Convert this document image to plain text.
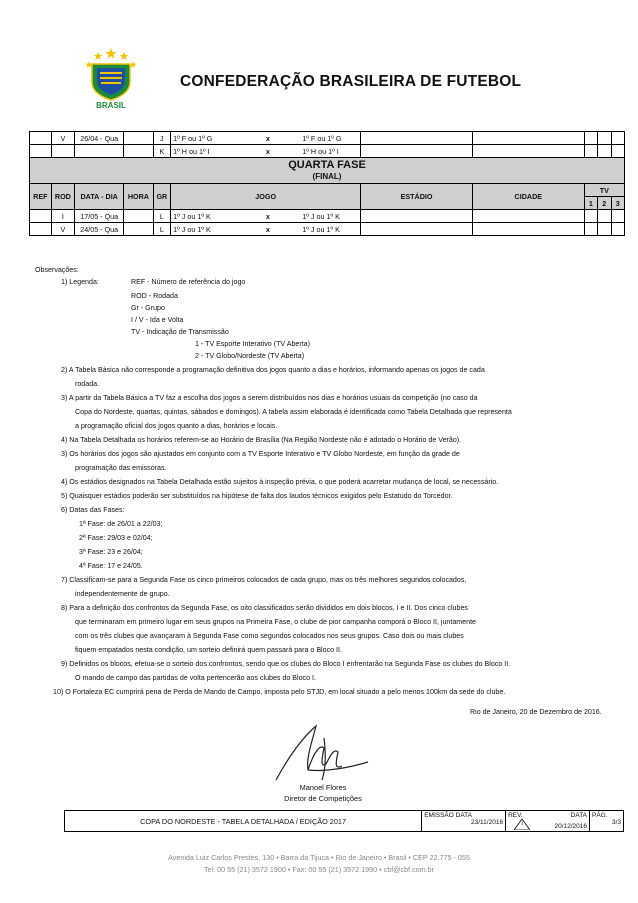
BRASIL
CONFEDERAÇÃO BRASILEIRA DE FUTEBOL
	V	26/04 - Qua		J	1º F ou 1º G	x	1º F ou 1º G					
				K	1º H ou 1º I	x	1º H ou 1º I					

QUARTA FASE
(FINAL)												

REF	ROD	DATA - DIA	HORA	GR	JOGO			ESTÁDIO	CIDADE	TV		
										1	2	3
	I	17/05 - Qua		L	1º J ou 1º K	x	1º J ou 1º K					
	V	24/05 - Qua		L	1º J ou 1º K	x	1º J ou 1º K					
Observações:
1) Legenda:	REF - Número de referência do jogo
ROD - Rodada
Gr - Grupo
I / V - Ida e Volta
TV - Indicação de Transmissão
1 - TV Esporte Interativo (TV Aberta)
2 - TV Globo/Nordeste (TV Aberta)
2) A Tabela Básica não corresponde a programação definitiva dos jogos quanto a dias e horários, informando apenas os jogos de cada
rodada.
3) A partir da Tabela Básica a TV faz a escolha dos jogos a serem distribuídos nos dias e horários usuais da competição (no caso da
Copa do Nordeste, quartas, quintas, sábados e domingos). A tabela assim elaborada é identificada como Tabela Detalhada que representa
a programação oficial dos jogos quanto a dias, horários e locais.
4) Na Tabela Detalhada os horários referem-se ao Horário de Brasília (Na Região Nordeste não é adotado o Horário de Verão).
3) Os horários dos jogos são ajustados em conjunto com a TV Esporte Interativo e TV Globo Nordeste, em função da grade de
programação das emissoras.
4) Os estádios designados na Tabela Detalhada estão sujeitos à inspeção prévia, o que poderá acarretar mudança de local, se necessário.
5) Quaisquer estádios poderão ser substituídos na hipótese de falta dos laudos técnicos exigidos pelo Estatudo do Torcedor.
6) Datas das Fases:
1ª Fase: de 26/01 a 22/03;
2ª Fase: 29/03 e 02/04;
3ª Fase: 23 e 26/04;
4ª Fase: 17 e 24/05.
7) Classificam-se para a Segunda Fase os cinco primeiros colocados de cada grupo, mas os três melhores segundos colocados,
independentemente de grupo.
8) Para a definição dos confrontos da Segunda Fase, os oito classificados serão divididos em dois blocos, I e II. Dos cinco clubes
que terminaram em primeiro lugar em seus grupos na Primeira Fase, o clube de pior campanha comporá o Bloco II, juntamente
com os três clubes que avançaram à Segunda Fase como segundos colocados nos seus grupos. Caso dois ou mais clubes
fiquem empatados nesta condição, um sorteio definirá quem passará para o Bloco II.
9) Definidos os blocos, efetua-se o sorteio dos confrontos, sendo que os clubes do Bloco I enfrentarão na Segunda Fase os clubes do Bloco II.
O mando de campo das partidas de volta pertencerão aos clubes do Bloco I.
10) O Fortaleza EC cumprirá pena de Perda de Mando de Campo, imposta pelo STJD, em local situado a pelo menos 100km da sede do clube.
Rio de Janeiro, 20 de Dezembro de 2016.
Manoel Flores
Diretor de Competições
COPA DO NORDESTE - TABELA DETALHADA / EDIÇÃO 2017	
EMISSÃO DATA
23/11/2016

REV.	DATA
I	20/12/2016

PÁG.
3/3
Avenida Luiz Carlos Prestes, 130 • Barra da Tijuca • Rio de Janeiro • Brasil • CEP 22.775 - 055
Tel: 00 55 (21) 3572 1900 • Fax: 00 55 (21) 3572 1990 • cbf@cbf.com.br
